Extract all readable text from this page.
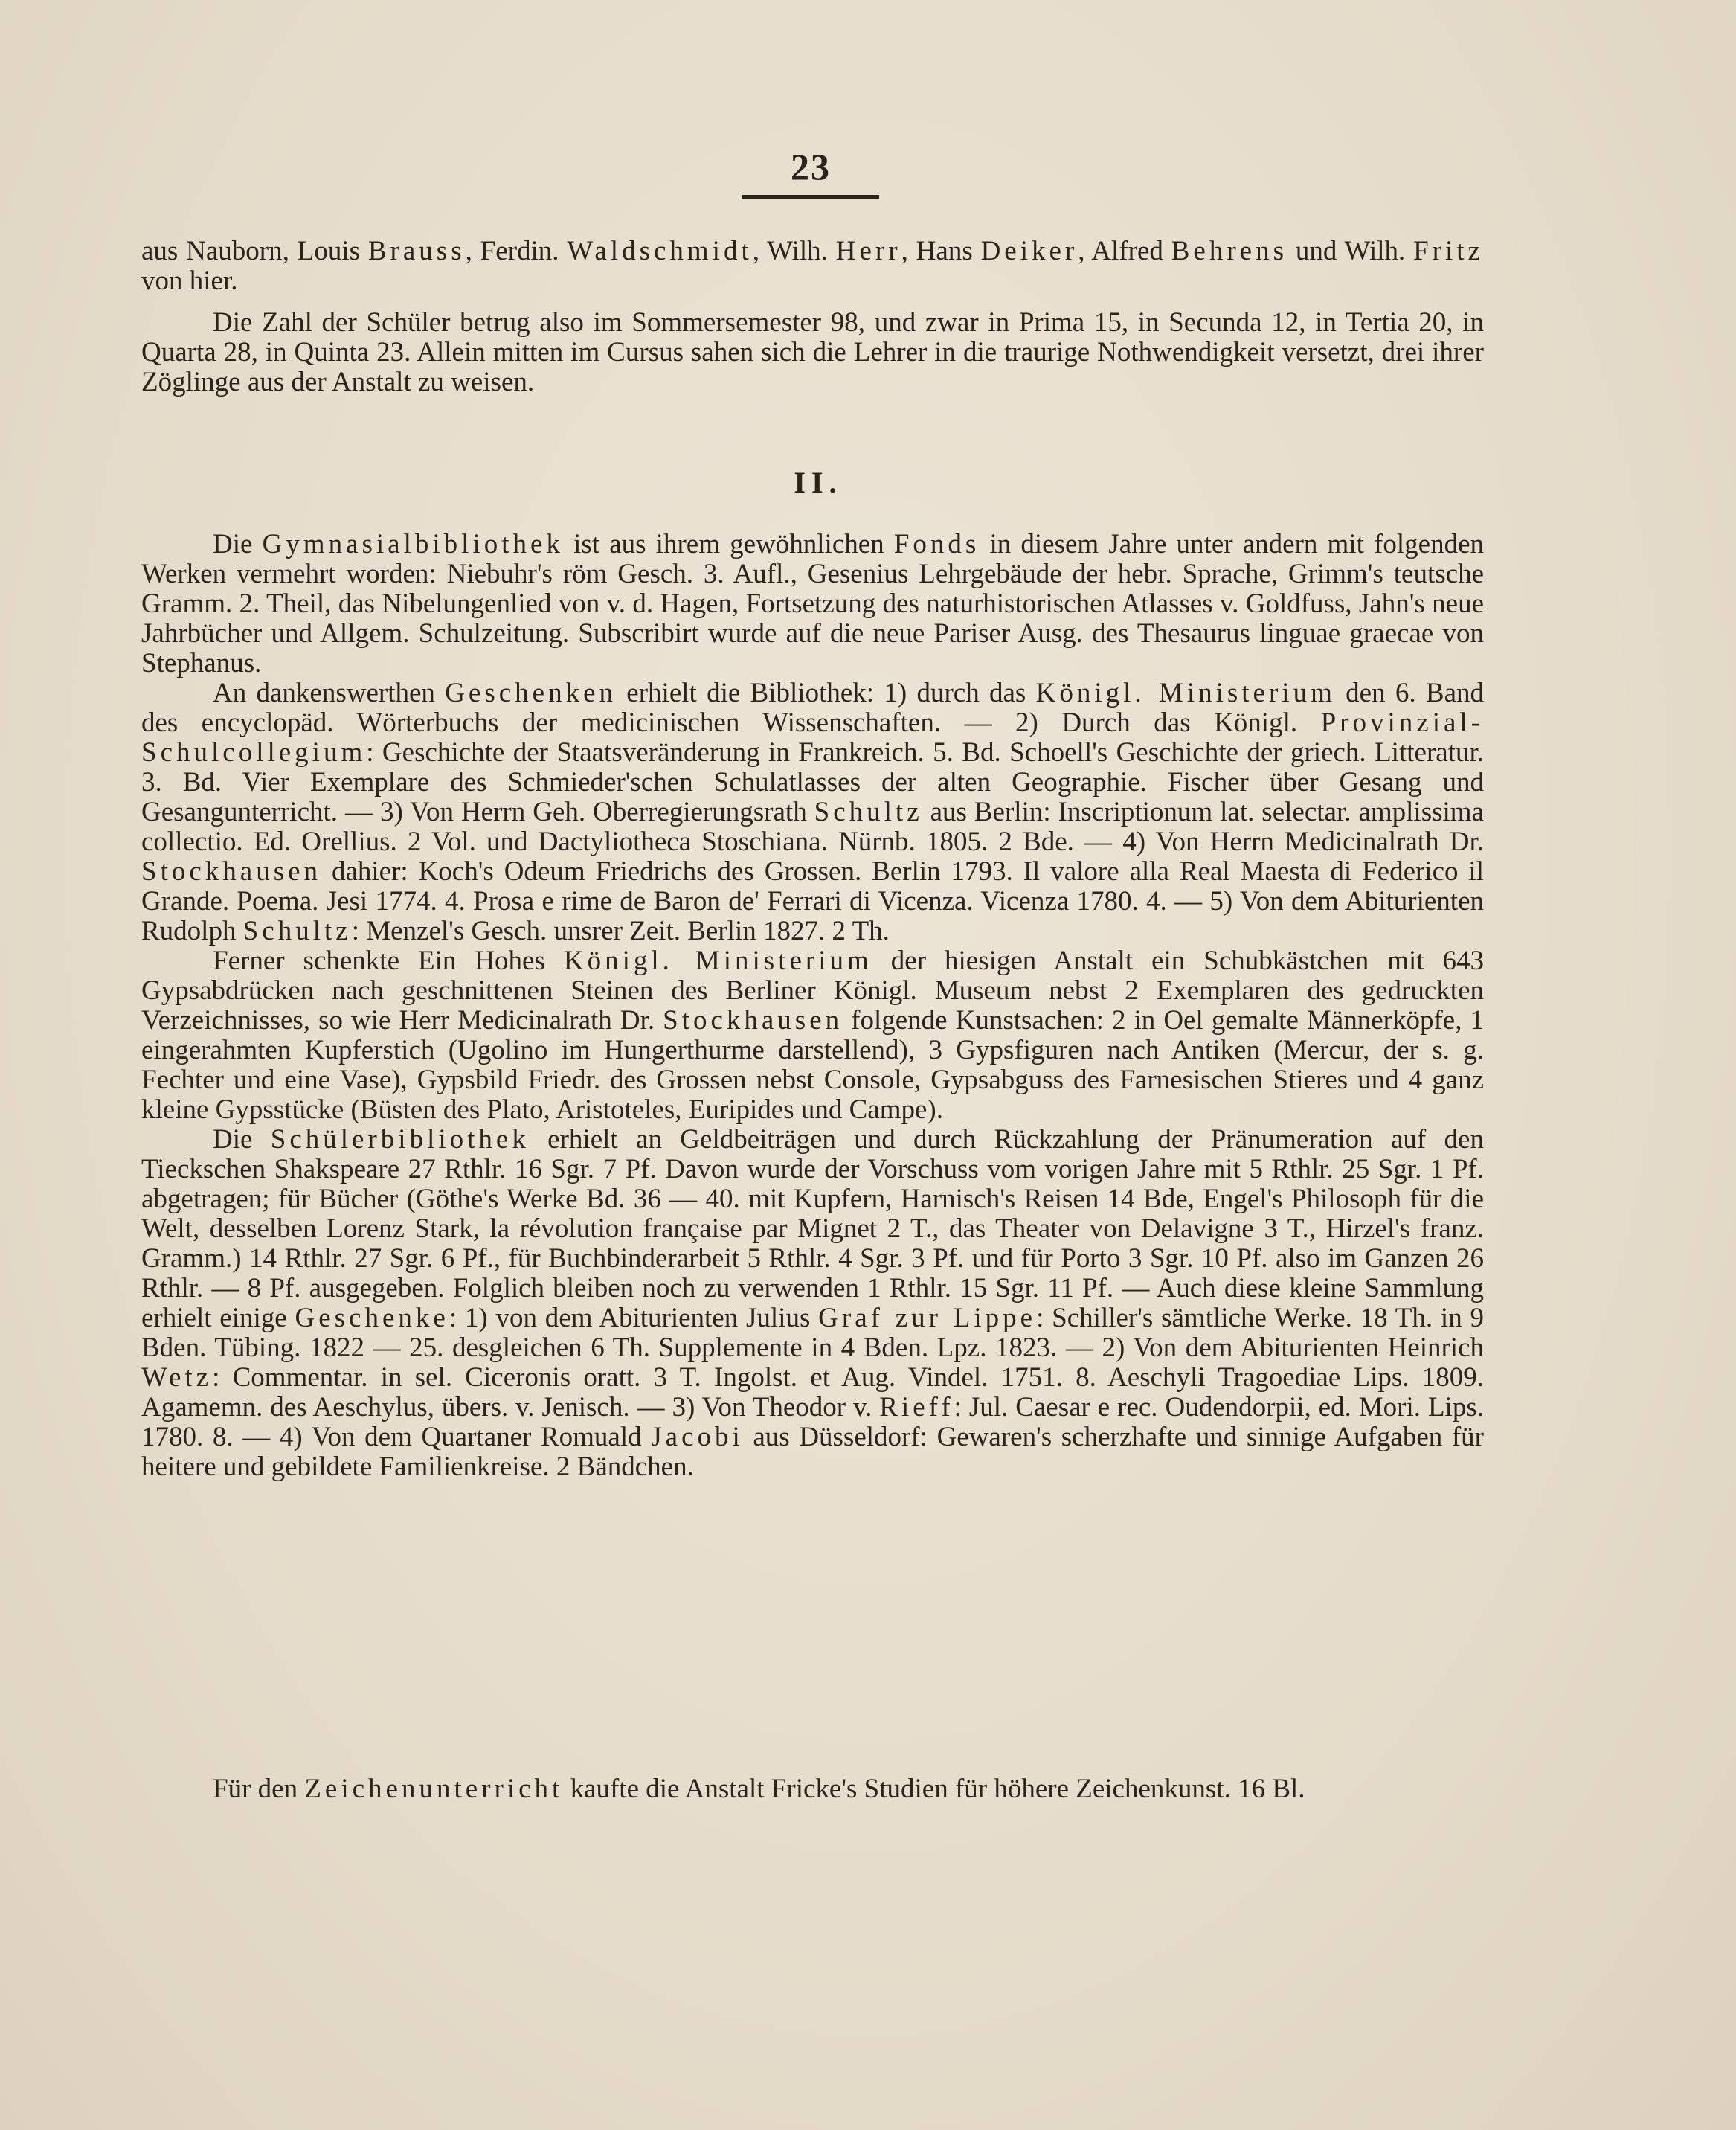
23

aus Nauborn, Louis Brauss, Ferdin. Waldschmidt, Wilh. Herr, Hans Deiker, Alfred Behrens und Wilh. Fritz von hier.

Die Zahl der Schüler betrug also im Sommersemester 98, und zwar in Prima 15, in Secunda 12, in Tertia 20, in Quarta 28, in Quinta 23. Allein mitten im Cursus sahen sich die Lehrer in die traurige Nothwendigkeit versetzt, drei ihrer Zöglinge aus der Anstalt zu weisen.

II.

Die Gymnasialbibliothek ist aus ihrem gewöhnlichen Fonds in diesem Jahre unter andern mit folgenden Werken vermehrt worden: Niebuhr's röm Gesch. 3. Aufl., Gesenius Lehrgebäude der hebr. Sprache, Grimm's teutsche Gramm. 2. Theil, das Nibelungenlied von v. d. Hagen, Fortsetzung des naturhistorischen Atlasses v. Goldfuss, Jahn's neue Jahrbücher und Allgem. Schulzeitung. Subscribirt wurde auf die neue Pariser Ausg. des Thesaurus linguae graecae von Stephanus.

An dankenswerthen Geschenken erhielt die Bibliothek: 1) durch das Königl. Ministerium den 6. Band des encyclopäd. Wörterbuchs der medicinischen Wissenschaften. — 2) Durch das Königl. Provinzial-Schulcollegium: Geschichte der Staatsveränderung in Frankreich. 5. Bd. Schoell's Geschichte der griech. Litteratur. 3. Bd. Vier Exemplare des Schmieder'schen Schulatlasses der alten Geographie. Fischer über Gesang und Gesangunterricht. — 3) Von Herrn Geh. Oberregierungsrath Schultz aus Berlin: Inscriptionum lat. selectar. amplissima collectio. Ed. Orellius. 2 Vol. und Dactyliotheca Stoschiana. Nürnb. 1805. 2 Bde. — 4) Von Herrn Medicinalrath Dr. Stockhausen dahier: Koch's Odeum Friedrichs des Grossen. Berlin 1793. Il valore alla Real Maesta di Federico il Grande. Poema. Jesi 1774. 4. Prosa e rime de Baron de' Ferrari di Vicenza. Vicenza 1780. 4. — 5) Von dem Abiturienten Rudolph Schultz: Menzel's Gesch. unsrer Zeit. Berlin 1827. 2 Th.

Ferner schenkte Ein Hohes Königl. Ministerium der hiesigen Anstalt ein Schubkästchen mit 643 Gypsabdrücken nach geschnittenen Steinen des Berliner Königl. Museum nebst 2 Exemplaren des gedruckten Verzeichnisses, so wie Herr Medicinalrath Dr. Stockhausen folgende Kunstsachen: 2 in Oel gemalte Männerköpfe, 1 eingerahmten Kupferstich (Ugolino im Hungerthurme darstellend), 3 Gypsfiguren nach Antiken (Mercur, der s. g. Fechter und eine Vase), Gypsbild Friedr. des Grossen nebst Console, Gypsabguss des Farnesischen Stieres und 4 ganz kleine Gypsstücke (Büsten des Plato, Aristoteles, Euripides und Campe).

Die Schülerbibliothek erhielt an Geldbeiträgen und durch Rückzahlung der Pränumeration auf den Tieckschen Shakspeare 27 Rthlr. 16 Sgr. 7 Pf. Davon wurde der Vorschuss vom vorigen Jahre mit 5 Rthlr. 25 Sgr. 1 Pf. abgetragen; für Bücher (Göthe's Werke Bd. 36 — 40. mit Kupfern, Harnisch's Reisen 14 Bde, Engel's Philosoph für die Welt, desselben Lorenz Stark, la révolution française par Mignet 2 T., das Theater von Delavigne 3 T., Hirzel's franz. Gramm.) 14 Rthlr. 27 Sgr. 6 Pf., für Buchbinderarbeit 5 Rthlr. 4 Sgr. 3 Pf. und für Porto 3 Sgr. 10 Pf. also im Ganzen 26 Rthlr. — 8 Pf. ausgegeben. Folglich bleiben noch zu verwenden 1 Rthlr. 15 Sgr. 11 Pf. — Auch diese kleine Sammlung erhielt einige Geschenke: 1) von dem Abiturienten Julius Graf zur Lippe: Schiller's sämtliche Werke. 18 Th. in 9 Bden. Tübing. 1822 — 25. desgleichen 6 Th. Supplemente in 4 Bden. Lpz. 1823. — 2) Von dem Abiturienten Heinrich Wetz: Commentar. in sel. Ciceronis oratt. 3 T. Ingolst. et Aug. Vindel. 1751. 8. Aeschyli Tragoediae Lips. 1809. Agamemn. des Aeschylus, übers. v. Jenisch. — 3) Von Theodor v. Rieff: Jul. Caesar e rec. Oudendorpii, ed. Mori. Lips. 1780. 8. — 4) Von dem Quartaner Romuald Jacobi aus Düsseldorf: Gewaren's scherzhafte und sinnige Aufgaben für heitere und gebildete Familienkreise. 2 Bändchen.

Für den Zeichenunterricht kaufte die Anstalt Fricke's Studien für höhere Zeichenkunst. 16 Bl.
